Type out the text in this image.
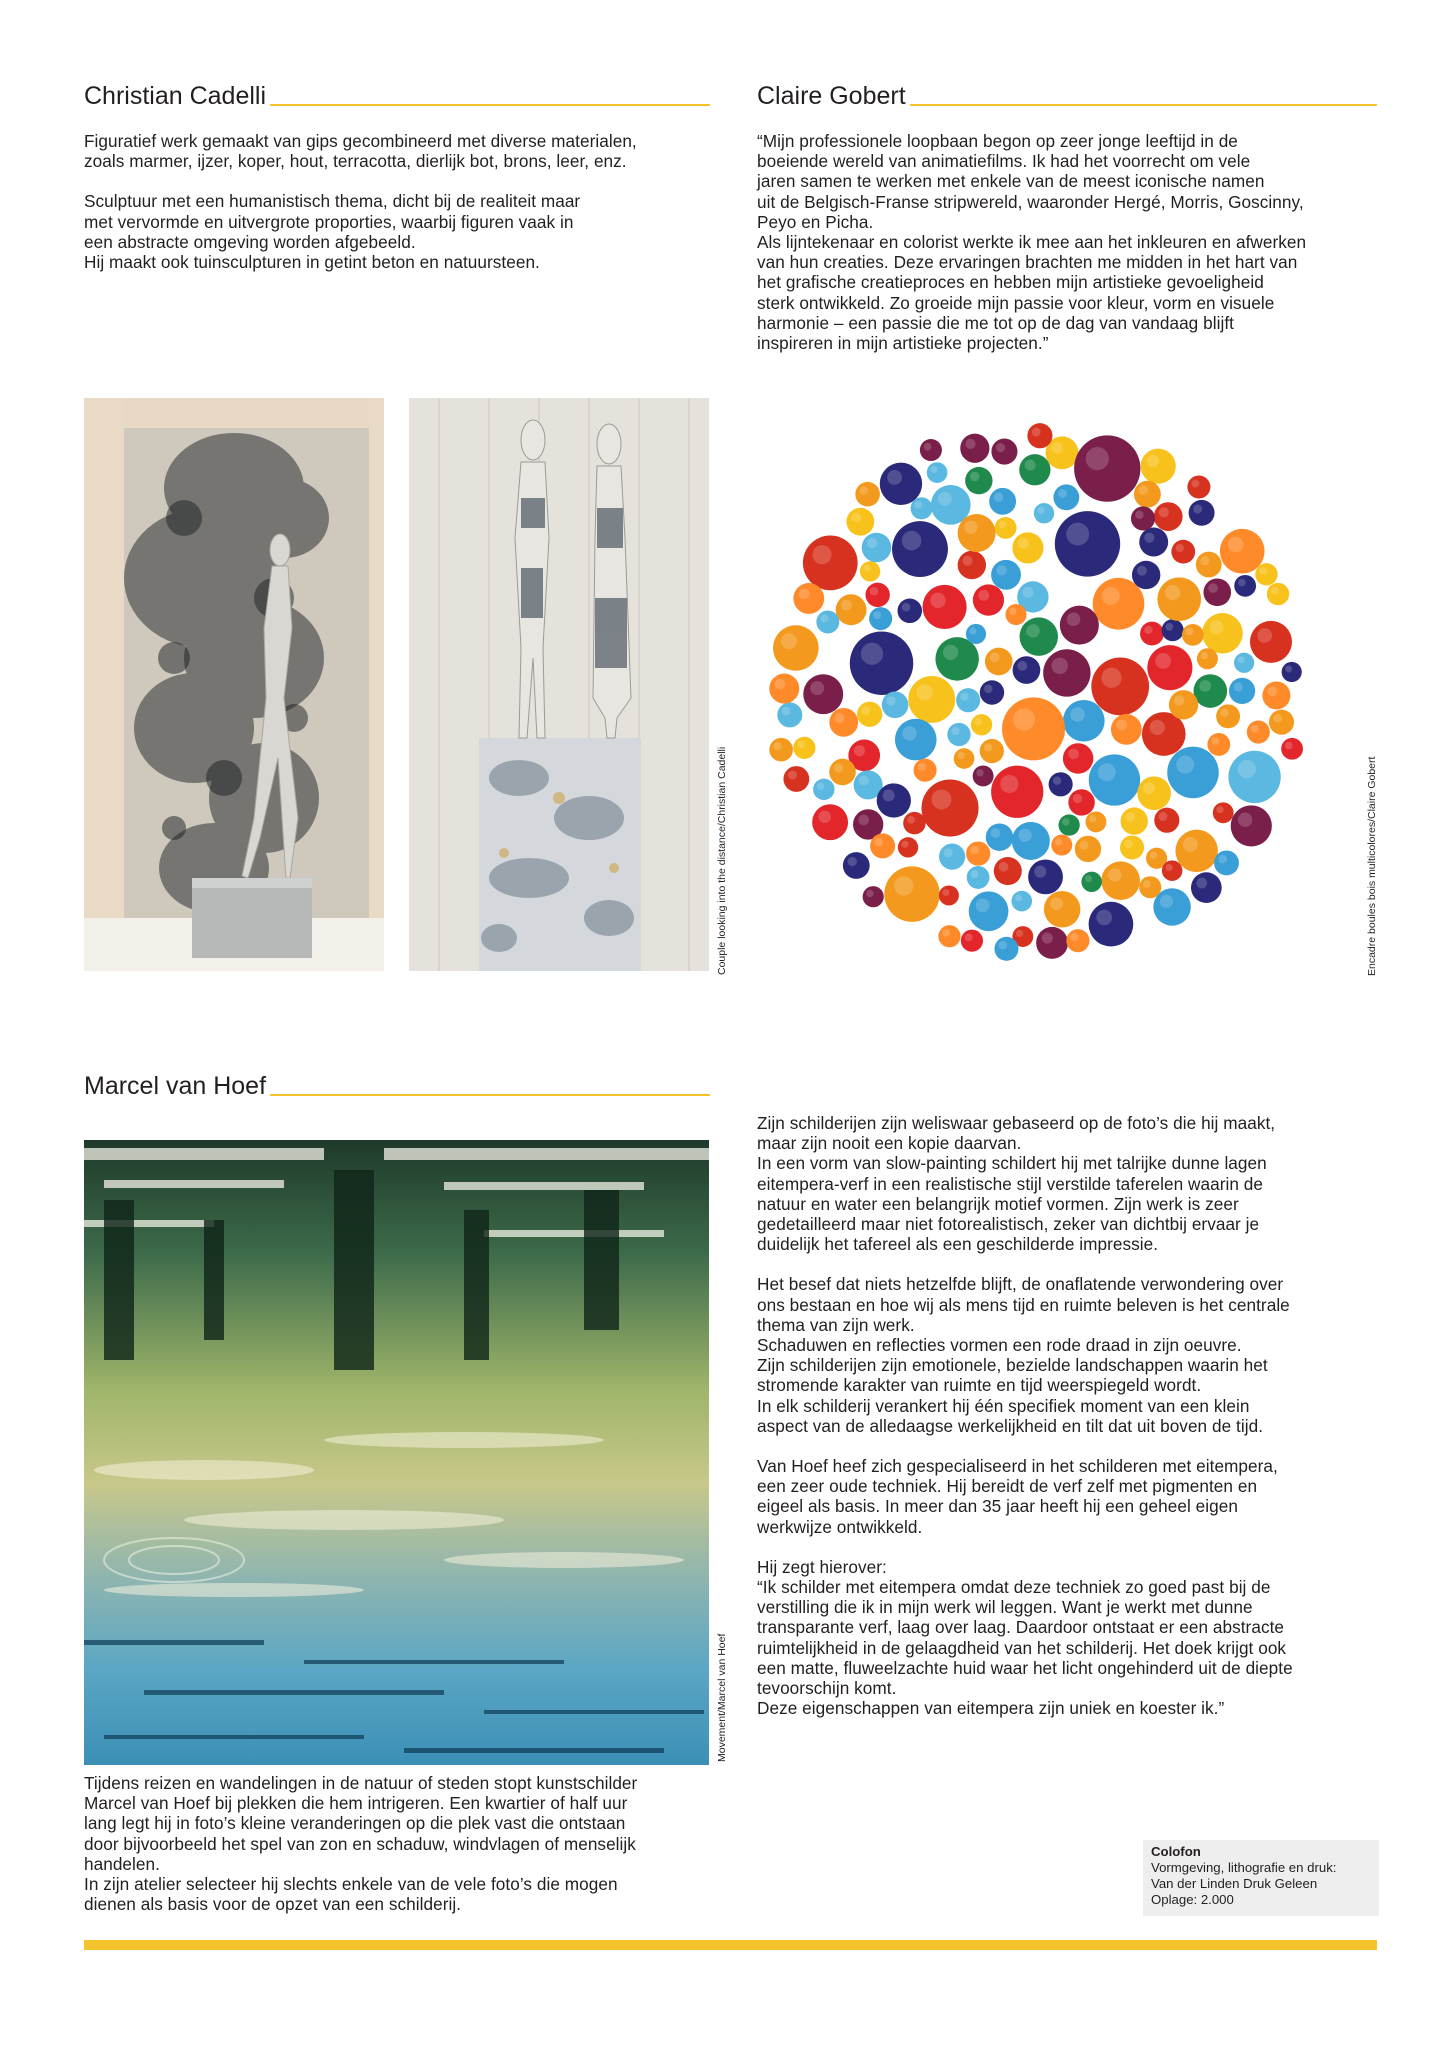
Christian Cadelli

Figuratief werk gemaakt van gips gecombineerd met diverse materialen,
zoals marmer, ijzer, koper, hout, terracotta, dierlijk bot, brons, leer, enz.

Sculptuur met een humanistisch thema, dicht bij de realiteit maar
met vervormde en uitvergrote proporties, waarbij figuren vaak in
een abstracte omgeving worden afgebeeld.
Hij maakt ook tuinsculpturen in getint beton en natuursteen.

Couple looking into the distance/Christian Cadelli
Claire Gobert

“Mijn professionele loopbaan begon op zeer jonge leeftijd in de
boeiende wereld van animatiefilms. Ik had het voorrecht om vele
jaren samen te werken met enkele van de meest iconische namen
uit de Belgisch-Franse stripwereld, waaronder Hergé, Morris, Goscinny,
Peyo en Picha.
Als lijntekenaar en colorist werkte ik mee aan het inkleuren en afwerken
van hun creaties. Deze ervaringen brachten me midden in het hart van
het grafische creatieproces en hebben mijn artistieke gevoeligheid
sterk ontwikkeld. Zo groeide mijn passie voor kleur, vorm en visuele
harmonie – een passie die me tot op de dag van vandaag blijft
inspireren in mijn artistieke projecten.”

Encadre boules bois multicolores/Claire Gobert
Marcel van Hoef
Movement/Marcel van Hoef

Tijdens reizen en wandelingen in de natuur of steden stopt kunstschilder
Marcel van Hoef bij plekken die hem intrigeren. Een kwartier of half uur
lang legt hij in foto’s kleine veranderingen op die plek vast die ontstaan
door bijvoorbeeld het spel van zon en schaduw, windvlagen of menselijk
handelen.
In zijn atelier selecteer hij slechts enkele van de vele foto’s die mogen
dienen als basis voor de opzet van een schilderij.

Zijn schilderijen zijn weliswaar gebaseerd op de foto’s die hij maakt,
maar zijn nooit een kopie daarvan.
In een vorm van slow-painting schildert hij met talrijke dunne lagen
eitempera-verf in een realistische stijl verstilde taferelen waarin de
natuur en water een belangrijk motief vormen. Zijn werk is zeer
gedetailleerd maar niet fotorealistisch, zeker van dichtbij ervaar je
duidelijk het tafereel als een geschilderde impressie.

Het besef dat niets hetzelfde blijft, de onaflatende verwondering over
ons bestaan en hoe wij als mens tijd en ruimte beleven is het centrale
thema van zijn werk.
Schaduwen en reflecties vormen een rode draad in zijn oeuvre.
Zijn schilderijen zijn emotionele, bezielde landschappen waarin het
stromende karakter van ruimte en tijd weerspiegeld wordt.
In elk schilderij verankert hij één specifiek moment van een klein
aspect van de alledaagse werkelijkheid en tilt dat uit boven de tijd.

Van Hoef heef zich gespecialiseerd in het schilderen met eitempera,
een zeer oude techniek. Hij bereidt de verf zelf met pigmenten en
eigeel als basis. In meer dan 35 jaar heeft hij een geheel eigen
werkwijze ontwikkeld.

Hij zegt hierover:
“Ik schilder met eitempera omdat deze techniek zo goed past bij de
verstilling die ik in mijn werk wil leggen. Want je werkt met dunne
transparante verf, laag over laag. Daardoor ontstaat er een abstracte
ruimtelijkheid in de gelaagdheid van het schilderij. Het doek krijgt ook
een matte, fluweelzachte huid waar het licht ongehinderd uit de diepte
tevoorschijn komt.
Deze eigenschappen van eitempera zijn uniek en koester ik.”

Colofon
Vormgeving, lithografie en druk:
Van der Linden Druk Geleen
Oplage: 2.000
